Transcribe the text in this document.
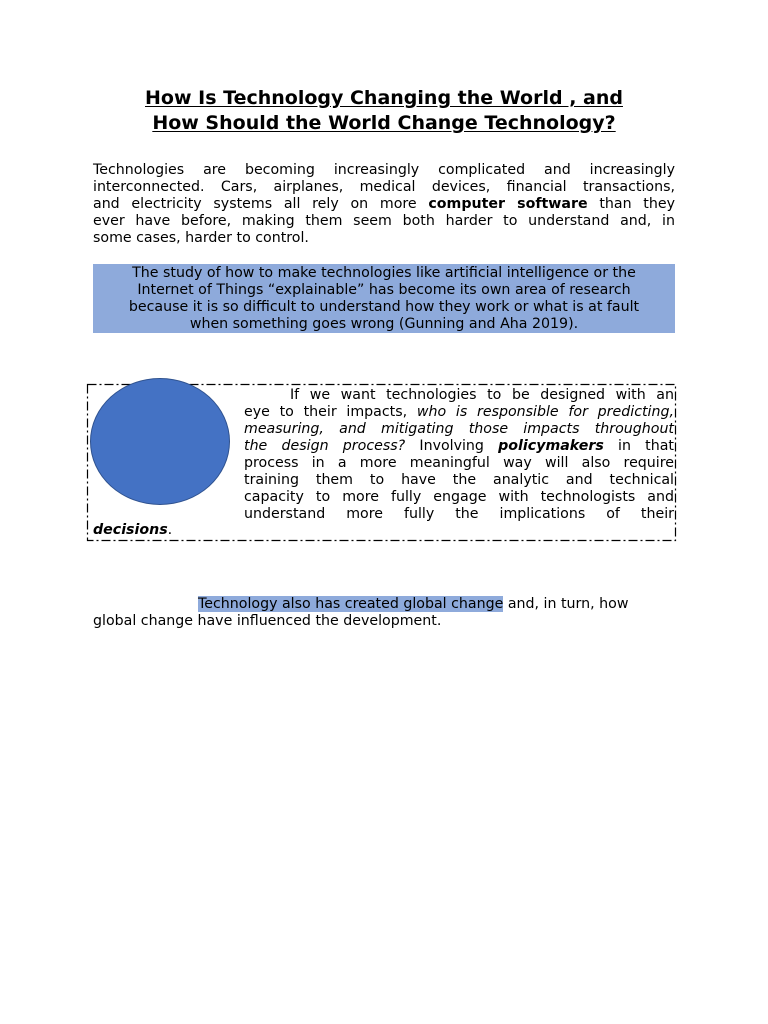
How Is Technology Changing the World , and
How Should the World Change Technology?
Technologies are becoming increasingly complicated and increasingly
interconnected. Cars, airplanes, medical devices, financial transactions,
and electricity systems all rely on more computer software than they
ever have before, making them seem both harder to understand and, in
some cases, harder to control.
The study of how to make technologies like artificial intelligence or the
Internet of Things “explainable” has become its own area of research
because it is so difficult to understand how they work or what is at fault
when something goes wrong (Gunning and Aha 2019).
If we want technologies to be designed with an
eye to their impacts, who is responsible for predicting,
measuring, and mitigating those impacts throughout
the design process? Involving policymakers in that
process in a more meaningful way will also require
training them to have the analytic and technical
capacity to more fully engage with technologists and
understand more fully the implications of their
decisions.
Technology also has created global change and, in turn, how
global change have influenced the development.
